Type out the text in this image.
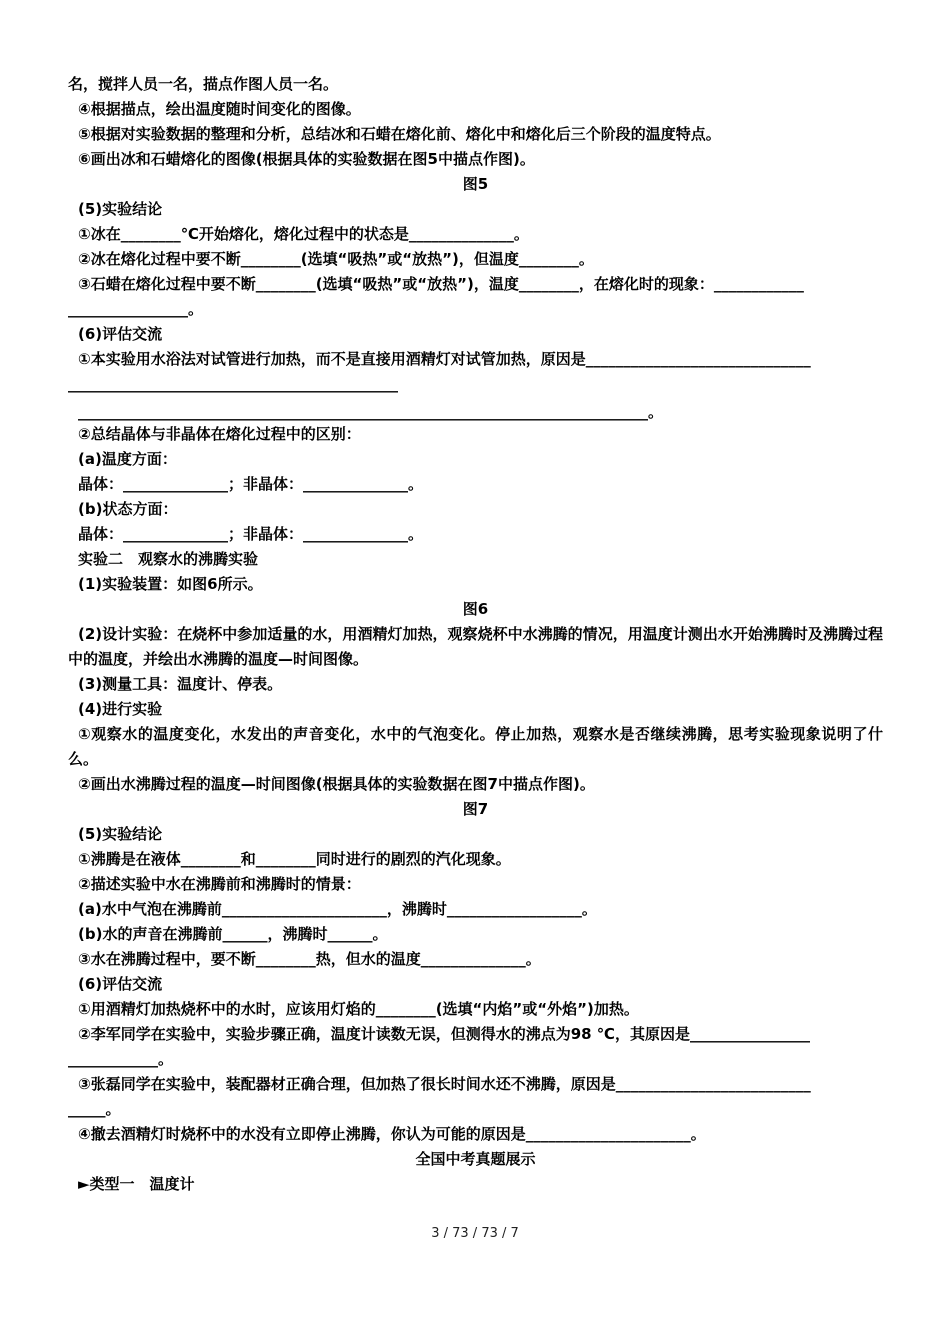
名，搅拌人员一名，描点作图人员一名。
④根据描点，绘出温度随时间变化的图像。
⑤根据对实验数据的整理和分析，总结冰和石蜡在熔化前、熔化中和熔化后三个阶段的温度特点。
⑥画出冰和石蜡熔化的图像(根据具体的实验数据在图5中描点作图)。
图5
(5)实验结论
①冰在________℃开始熔化，熔化过程中的状态是______________。
②冰在熔化过程中要不断________(选填“吸热”或“放热”)，但温度________。
③石蜡在熔化过程中要不断________(选填“吸热”或“放热”)，温度________，在熔化时的现象：____________
________________。
(6)评估交流
①本实验用水浴法对试管进行加热，而不是直接用酒精灯对试管加热，原因是______________________________
____________________________________________
____________________________________________________________________________。
②总结晶体与非晶体在熔化过程中的区别：
(a)温度方面：
晶体：______________；非晶体：______________。
(b)状态方面：
晶体：______________；非晶体：______________。
实验二　观察水的沸腾实验
(1)实验装置：如图6所示。
图6
(2)设计实验：在烧杯中参加适量的水，用酒精灯加热，观察烧杯中水沸腾的情况，用温度计测出水开始沸腾时及沸腾过程中的温度，并绘出水沸腾的温度—时间图像。
(3)测量工具：温度计、停表。
(4)进行实验
①观察水的温度变化，水发出的声音变化，水中的气泡变化。停止加热，观察水是否继续沸腾，思考实验现象说明了什么。
②画出水沸腾过程的温度—时间图像(根据具体的实验数据在图7中描点作图)。
图7
(5)实验结论
①沸腾是在液体________和________同时进行的剧烈的汽化现象。
②描述实验中水在沸腾前和沸腾时的情景：
(a)水中气泡在沸腾前______________________，沸腾时__________________。
(b)水的声音在沸腾前______，沸腾时______。
③水在沸腾过程中，要不断________热，但水的温度______________。
(6)评估交流
①用酒精灯加热烧杯中的水时，应该用灯焰的________(选填“内焰”或“外焰”)加热。
②李军同学在实验中，实验步骤正确，温度计读数无误，但测得水的沸点为98 ℃，其原因是________________
____________。
③张磊同学在实验中，装配器材正确合理，但加热了很长时间水还不沸腾，原因是__________________________
_____。
④撤去酒精灯时烧杯中的水没有立即停止沸腾，你认为可能的原因是______________________。
全国中考真题展示
►类型一　温度计
3 / 73 / 73 / 7
